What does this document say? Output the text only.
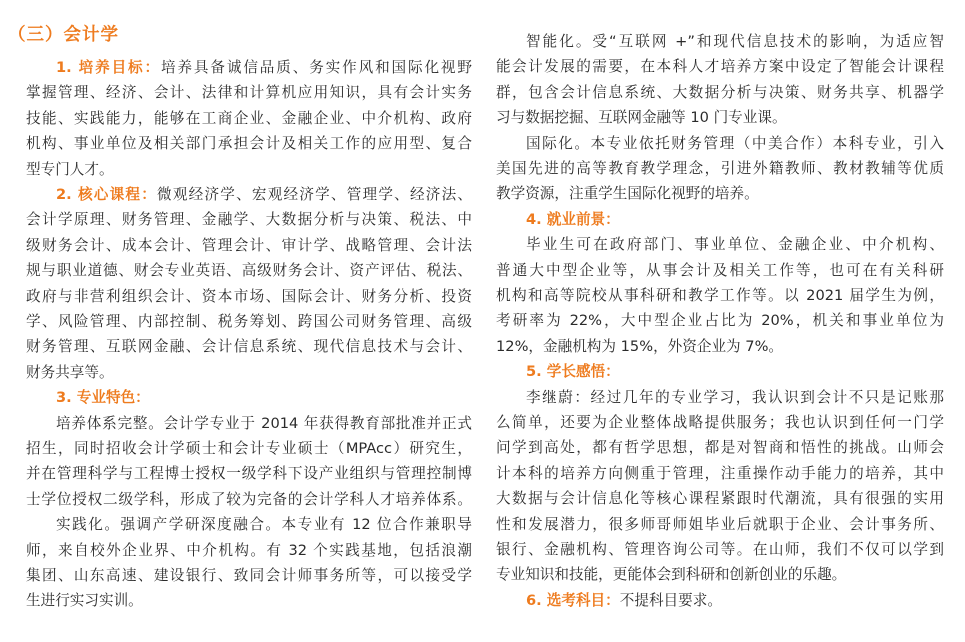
（三）会计学
1. 培养目标：培养具备诚信品质、务实作风和国际化视野
掌握管理、经济、会计、法律和计算机应用知识，具有会计实务
技能、实践能力，能够在工商企业、金融企业、中介机构、政府
机构、事业单位及相关部门承担会计及相关工作的应用型、复合
型专门人才。
2. 核心课程：微观经济学、宏观经济学、管理学、经济法、
会计学原理、财务管理、金融学、大数据分析与决策、税法、中
级财务会计、成本会计、管理会计、审计学、战略管理、会计法
规与职业道德、财会专业英语、高级财务会计、资产评估、税法、
政府与非营利组织会计、资本市场、国际会计、财务分析、投资
学、风险管理、内部控制、税务筹划、跨国公司财务管理、高级
财务管理、互联网金融、会计信息系统、现代信息技术与会计、
财务共享等。
3. 专业特色：
培养体系完整。会计学专业于 2014 年获得教育部批准并正式
招生，同时招收会计学硕士和会计专业硕士（MPAcc）研究生，
并在管理科学与工程博士授权一级学科下设产业组织与管理控制博
士学位授权二级学科，形成了较为完备的会计学科人才培养体系。
实践化。强调产学研深度融合。本专业有 12 位合作兼职导
师，来自校外企业界、中介机构。有 32 个实践基地，包括浪潮
集团、山东高速、建设银行、致同会计师事务所等，可以接受学
生进行实习实训。
智能化。受“互联网 +”和现代信息技术的影响，为适应智
能会计发展的需要，在本科人才培养方案中设定了智能会计课程
群，包含会计信息系统、大数据分析与决策、财务共享、机器学
习与数据挖掘、互联网金融等 10 门专业课。
国际化。本专业依托财务管理（中美合作）本科专业，引入
美国先进的高等教育教学理念，引进外籍教师、教材教辅等优质
教学资源，注重学生国际化视野的培养。
4. 就业前景：
毕业生可在政府部门、事业单位、金融企业、中介机构、
普通大中型企业等，从事会计及相关工作等，也可在有关科研
机构和高等院校从事科研和教学工作等。以 2021 届学生为例，
考研率为 22%，大中型企业占比为 20%，机关和事业单位为
12%，金融机构为 15%，外资企业为 7%。
5. 学长感悟：
李继蔚：经过几年的专业学习，我认识到会计不只是记账那
么简单，还要为企业整体战略提供服务；我也认识到任何一门学
问学到高处，都有哲学思想，都是对智商和悟性的挑战。山师会
计本科的培养方向侧重于管理，注重操作动手能力的培养，其中
大数据与会计信息化等核心课程紧跟时代潮流，具有很强的实用
性和发展潜力，很多师哥师姐毕业后就职于企业、会计事务所、
银行、金融机构、管理咨询公司等。在山师，我们不仅可以学到
专业知识和技能，更能体会到科研和创新创业的乐趣。
6. 选考科目：不提科目要求。
